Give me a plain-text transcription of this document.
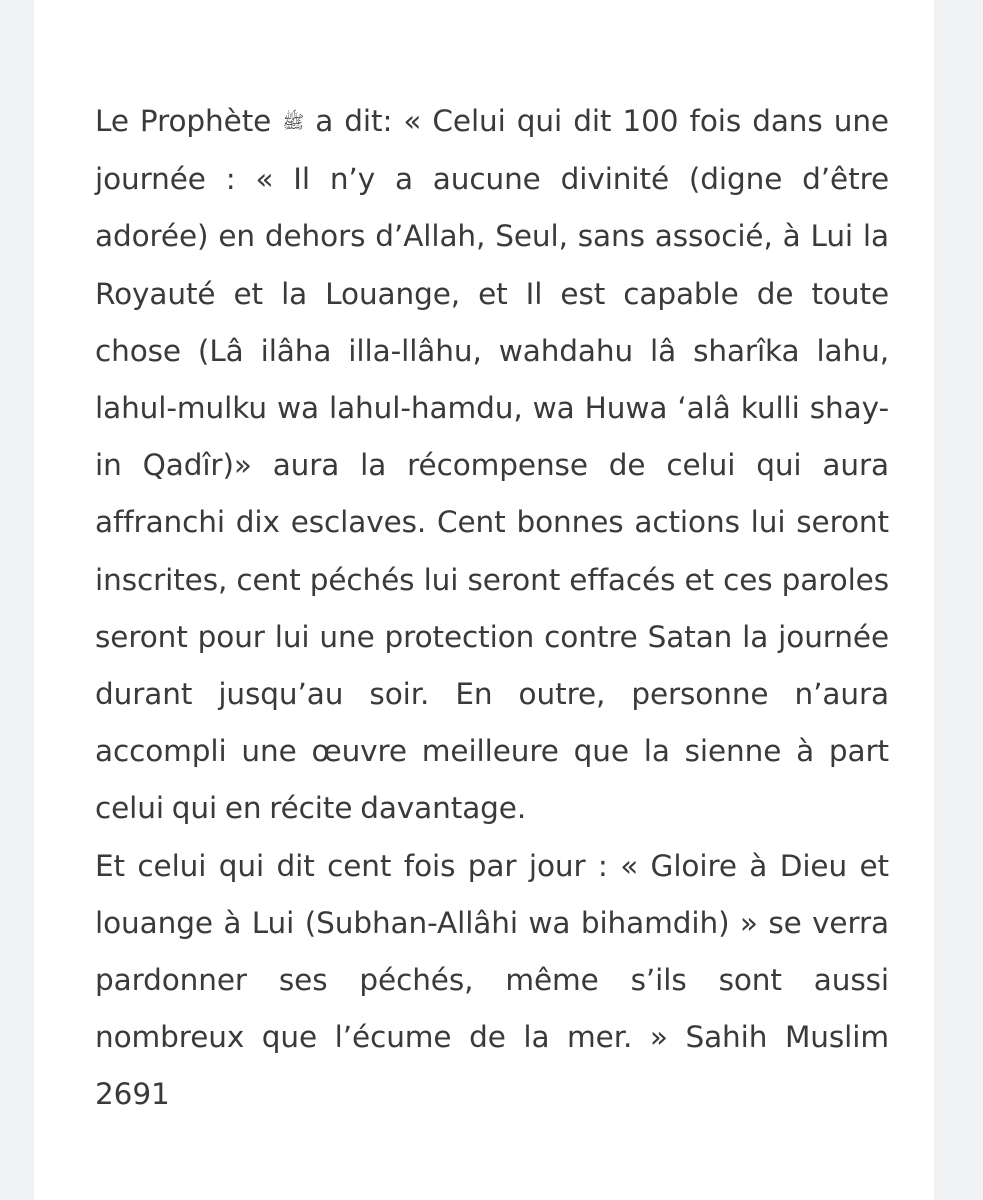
Le Prophète ﷺ a dit: « Celui qui dit 100 fois dans une journée : « Il n’y a aucune divinité (digne d’être adorée) en dehors d’Allah, Seul, sans associé, à Lui la Royauté et la Louange, et Il est capable de toute chose (Lâ ilâha illa-llâhu, wahdahu lâ sharîka lahu, lahul-mulku wa lahul-hamdu, wa Huwa ‘alâ kulli shay-in Qadîr)» aura la récompense de celui qui aura affranchi dix esclaves. Cent bonnes actions lui seront inscrites, cent péchés lui seront effacés et ces paroles seront pour lui une protection contre Satan la journée durant jusqu’au soir. En outre, personne n’aura accompli une œuvre meilleure que la sienne à part celui qui en récite davantage.

Et celui qui dit cent fois par jour : « Gloire à Dieu et louange à Lui (Subhan-Allâhi wa bihamdih) » se verra pardonner ses péchés, même s’ils sont aussi nombreux que l’écume de la mer. » Sahih Muslim 2691
